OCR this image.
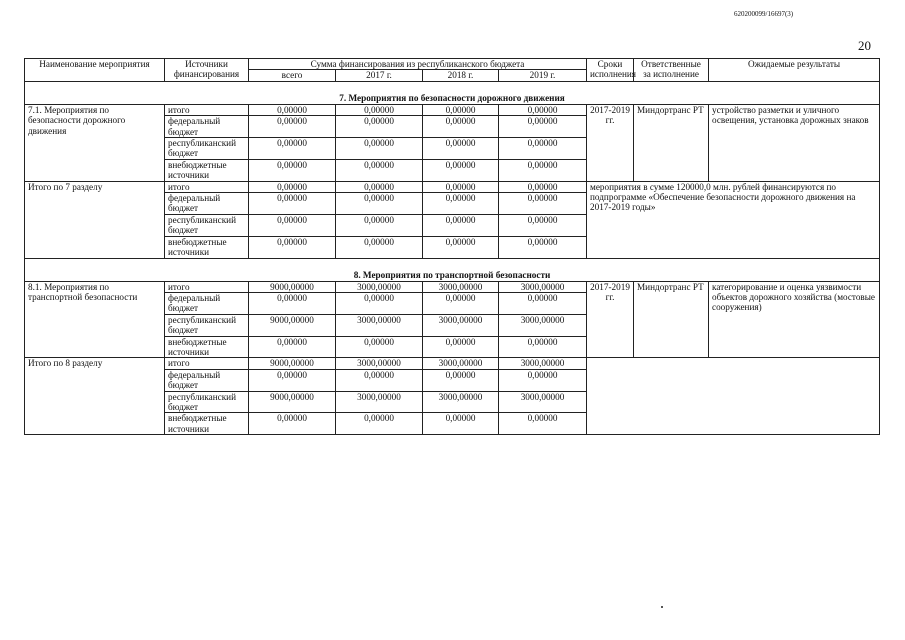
620200099/16697(3)
20
Наименование мероприятия	Источники финансирования	Сумма финансирования из республиканского бюджета				Сроки исполнения	Ответственные за исполнение	Ожидаемые результаты
		всего	2017 г.	2018 г.	2019 г.			
7. Мероприятия по безопасности дорожного движения								
7.1. Мероприятия по безопасности дорожного движения	итого	0,00000	0,00000	0,00000	0,00000	2017-2019 гг.	Миндортранс РТ	устройство разметки и уличного освещения, установка дорожных знаков
	федеральный бюджет	0,00000	0,00000	0,00000	0,00000			
	республиканский бюджет	0,00000	0,00000	0,00000	0,00000			
	внебюджетные источники	0,00000	0,00000	0,00000	0,00000			
Итого по 7 разделу	итого	0,00000	0,00000	0,00000	0,00000	мероприятия в сумме 120000,0 млн. рублей финансируются по подпрограмме «Обеспечение безопасности дорожного движения на 2017-2019 годы»		
	федеральный бюджет	0,00000	0,00000	0,00000	0,00000			
	республиканский бюджет	0,00000	0,00000	0,00000	0,00000			
	внебюджетные источники	0,00000	0,00000	0,00000	0,00000			
8. Мероприятия по транспортной безопасности								
8.1. Мероприятия по транспортной безопасности	итого	9000,00000	3000,00000	3000,00000	3000,00000	2017-2019 гг.	Миндортранс РТ	категорирование и оценка уязвимости объектов дорожного хозяйства (мостовые сооружения)
	федеральный бюджет	0,00000	0,00000	0,00000	0,00000			
	республиканский бюджет	9000,00000	3000,00000	3000,00000	3000,00000			
	внебюджетные источники	0,00000	0,00000	0,00000	0,00000			
Итого по 8 разделу	итого	9000,00000	3000,00000	3000,00000	3000,00000			
	федеральный бюджет	0,00000	0,00000	0,00000	0,00000			
	республиканский бюджет	9000,00000	3000,00000	3000,00000	3000,00000			
	внебюджетные источники	0,00000	0,00000	0,00000	0,00000			
